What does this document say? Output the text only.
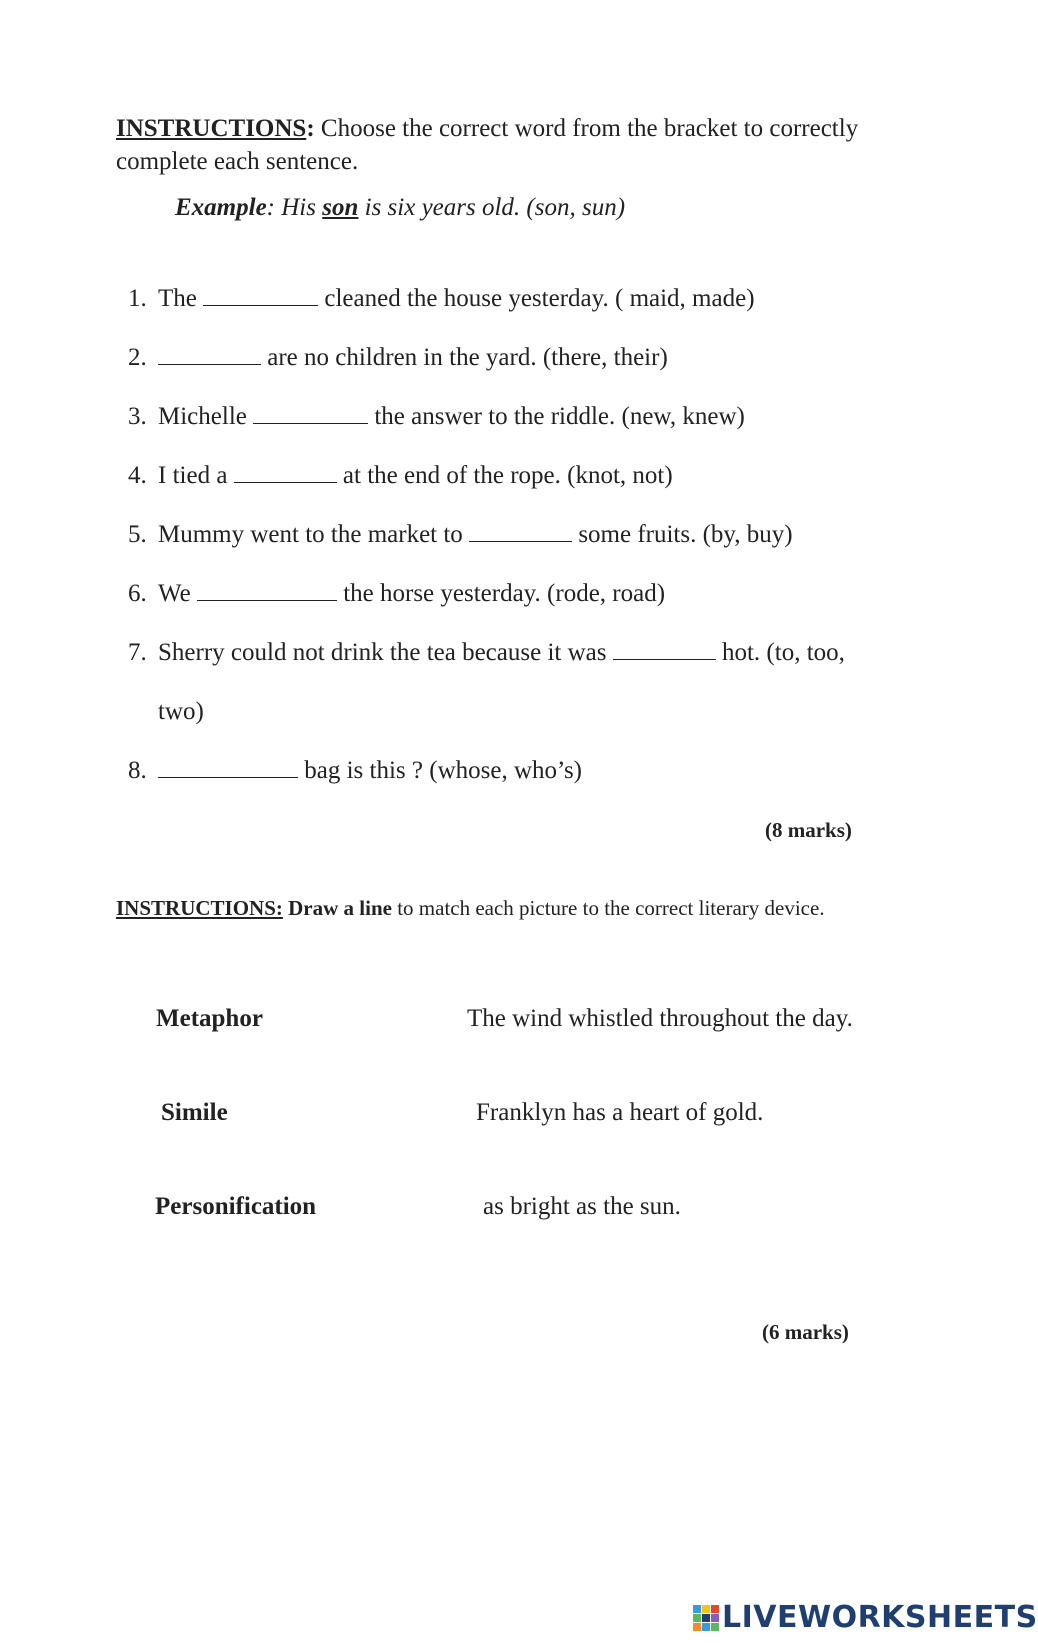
INSTRUCTIONS: Choose the correct word from the bracket to correctly complete each sentence.
Example: His son is six years old. (son, sun)
1. The	cleaned the house yesterday. ( maid, made)
2.	are no children in the yard. (there, their)
3. Michelle	the answer to the riddle. (new, knew)
4. I tied a	at the end of the rope. (knot, not)
5. Mummy went to the market to	some fruits. (by, buy)
6. We	the horse yesterday. (rode, road)
7. Sherry could not drink the tea because it was	hot. (to, too,
two)
8.	bag is this ? (whose, who’s)
(8 marks)
INSTRUCTIONS: Draw a line to match each picture to the correct literary device.
Metaphor
Simile
Personification
The wind whistled throughout the day.
Franklyn has a heart of gold.
as bright as the sun.
(6 marks)
LIVEWORKSHEETS
